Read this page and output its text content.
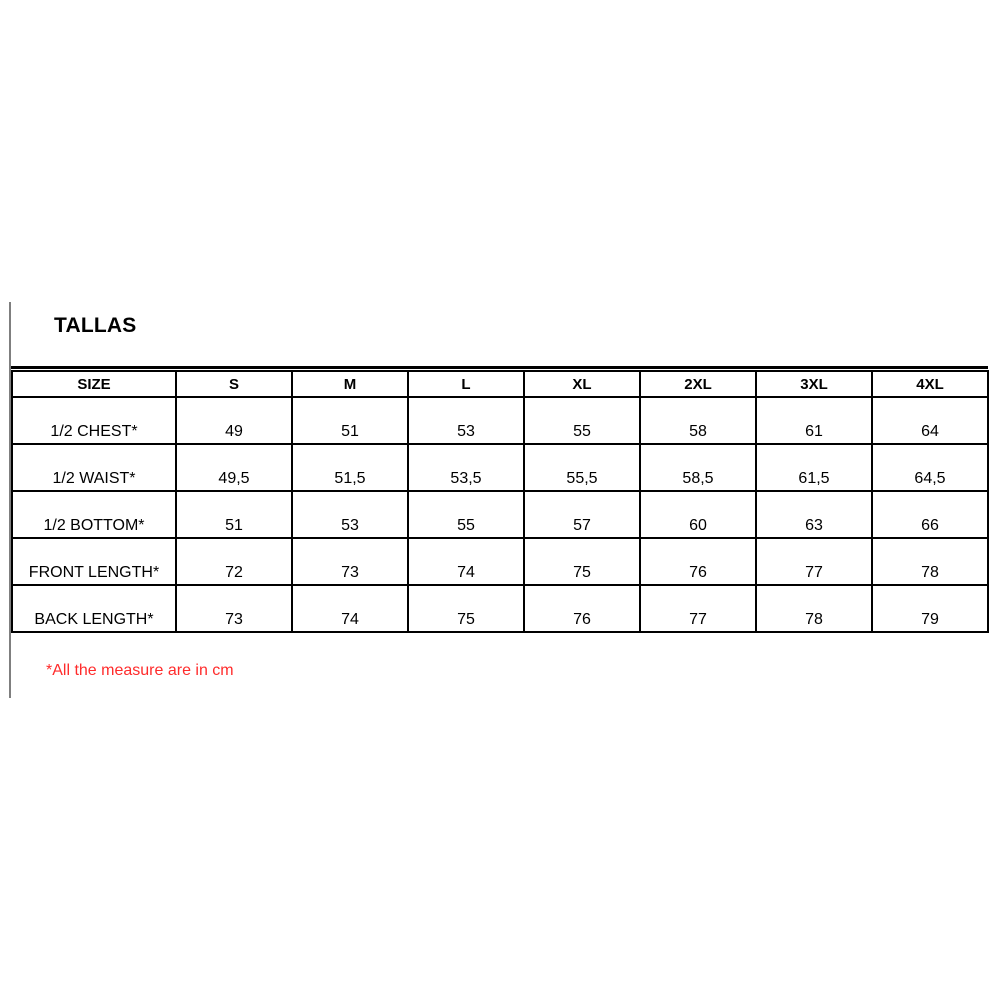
TALLAS
SIZE	S	M	L	XL	2XL	3XL	4XL
1/2 CHEST*	49	51	53	55	58	61	64
1/2 WAIST*	49,5	51,5	53,5	55,5	58,5	61,5	64,5
1/2 BOTTOM*	51	53	55	57	60	63	66
FRONT LENGTH*	72	73	74	75	76	77	78
BACK LENGTH*	73	74	75	76	77	78	79
*All the measure are in cm
